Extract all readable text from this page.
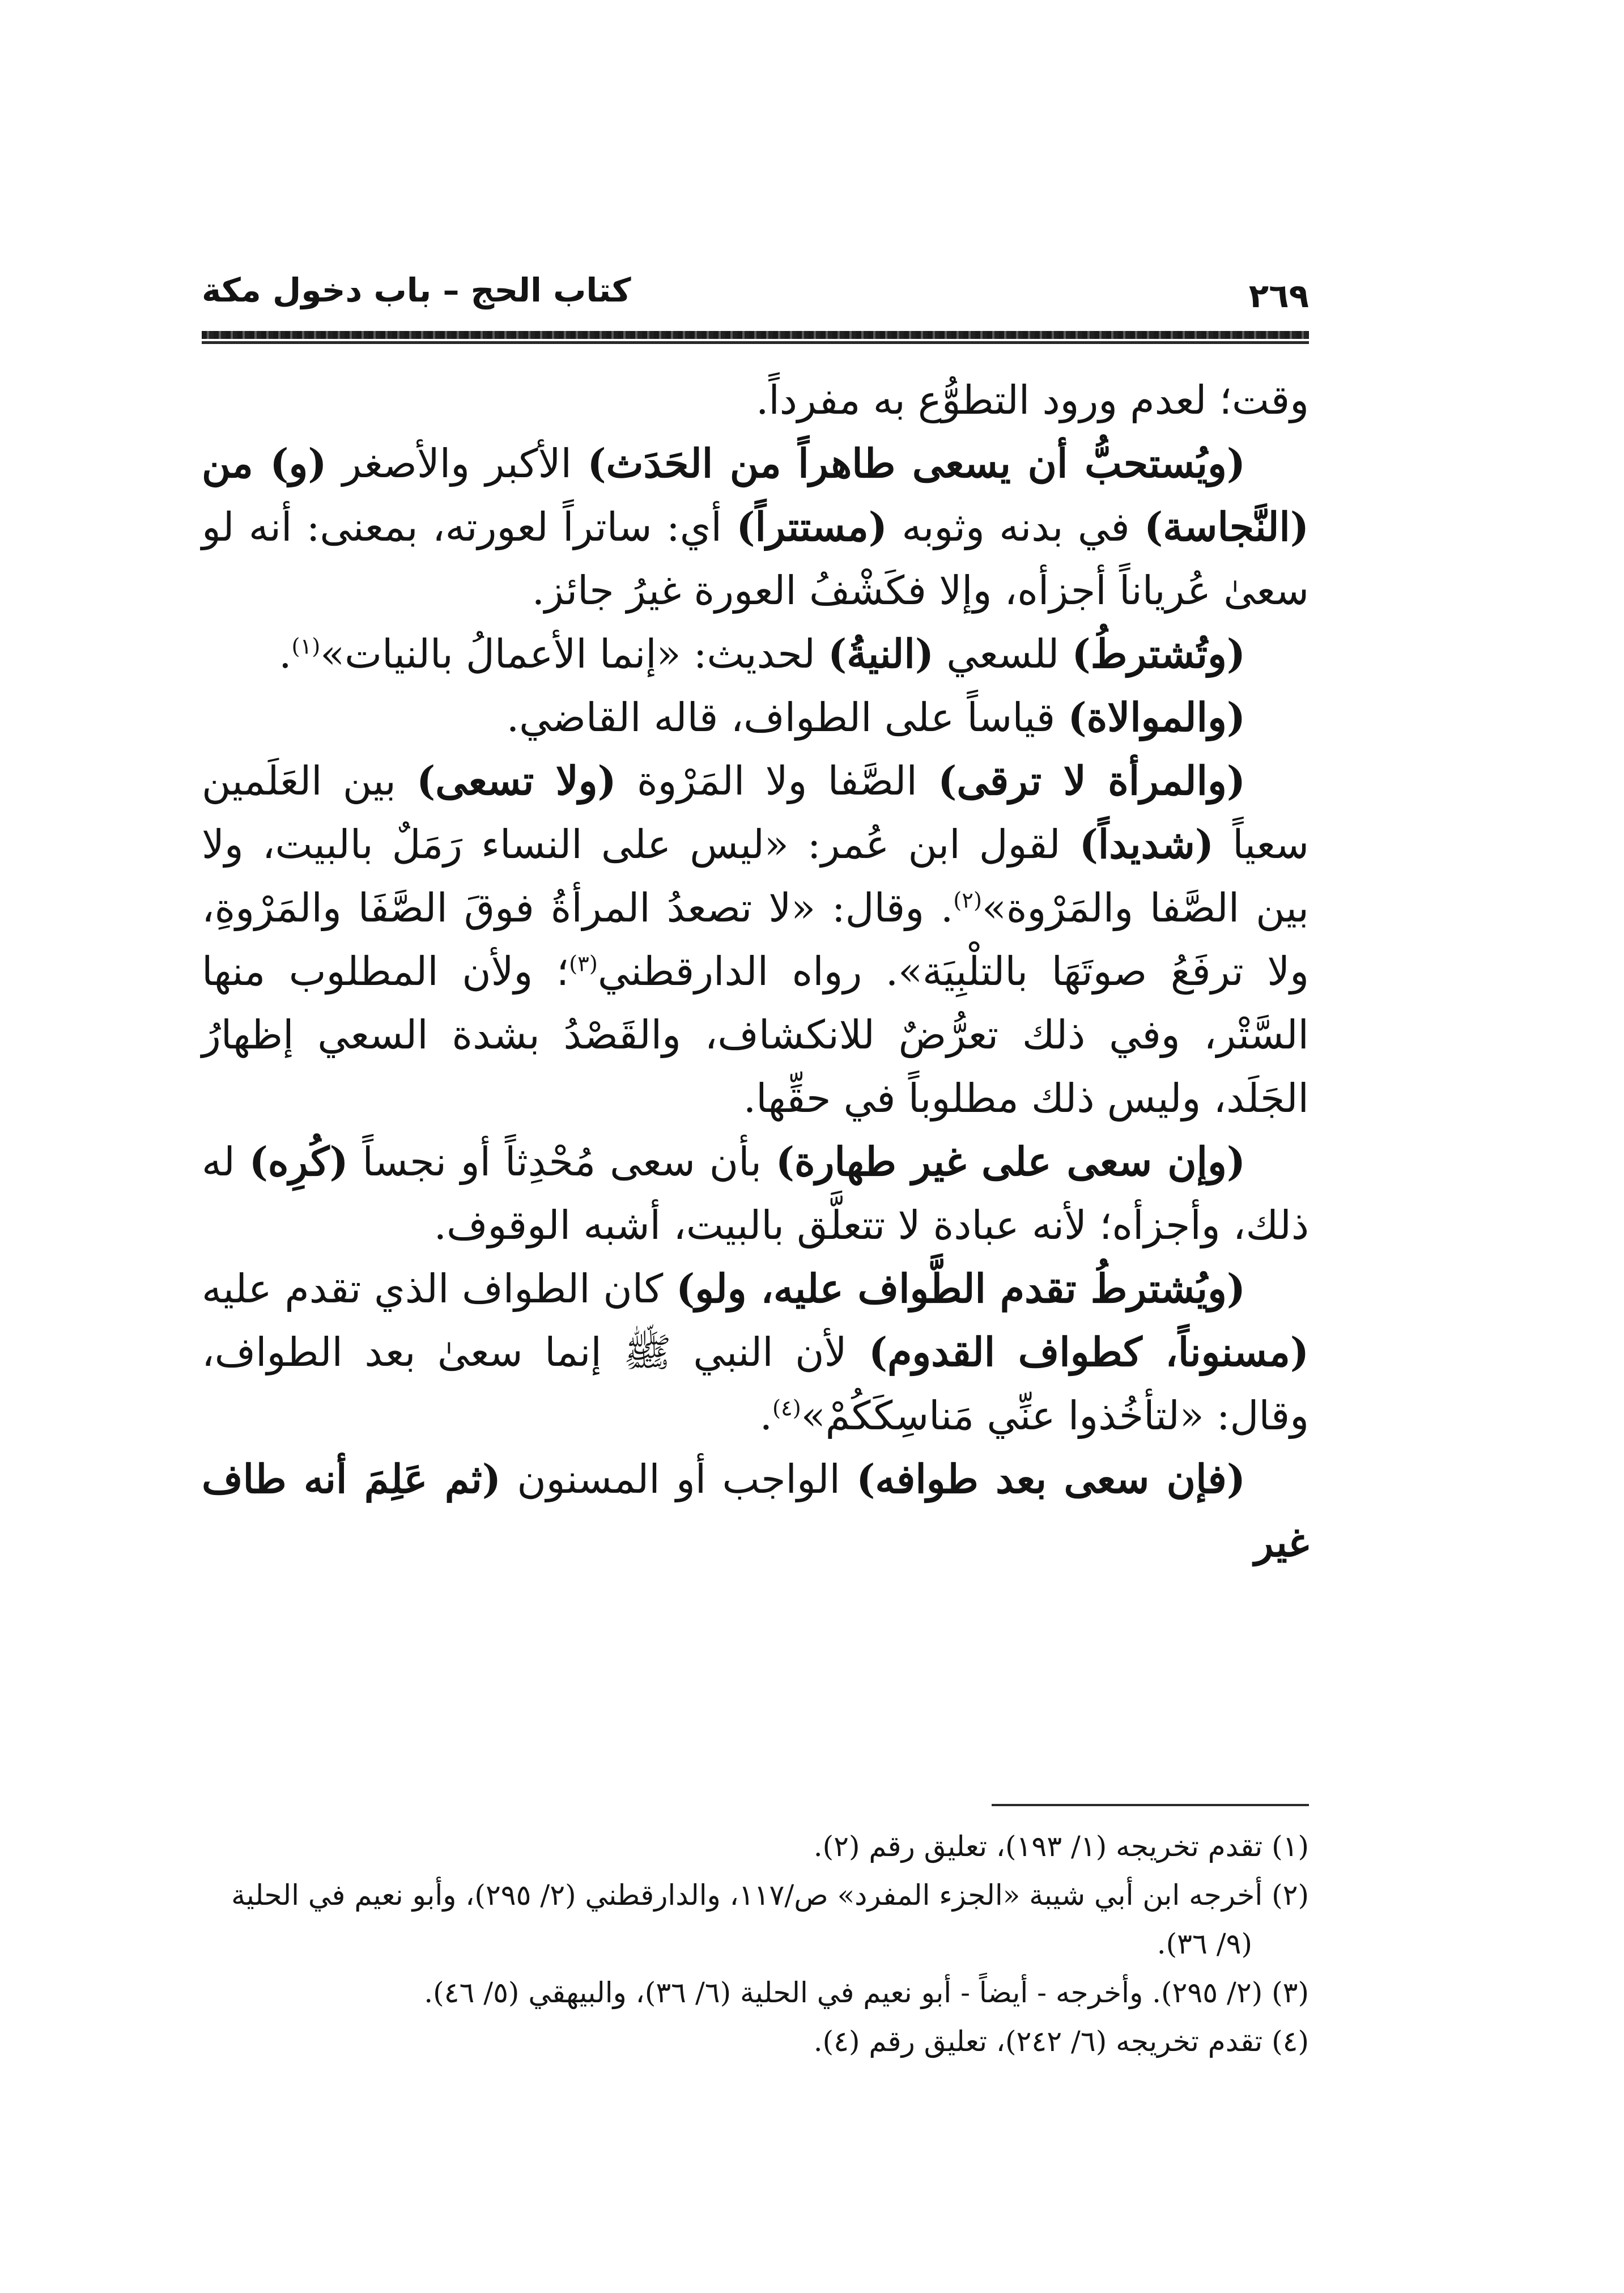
٢٦٩
كتاب الحج – باب دخول مكة

وقت؛ لعدم ورود التطوُّع به مفرداً.

(ويُستحبُّ أن يسعى طاهراً من الحَدَث) الأكبر والأصغر (و) من (النَّجاسة) في بدنه وثوبه (مستتراً) أي: ساتراً لعورته، بمعنى: أنه لو سعىٰ عُرياناً أجزأه، وإلا فكَشْفُ العورة غيرُ جائز.

(وتُشترطُ) للسعي (النيةُ) لحديث: «إنما الأعمالُ بالنيات»$^{(١)}$.

(والموالاة) قياساً على الطواف، قاله القاضي.

(والمرأة لا ترقى) الصَّفا ولا المَرْوة (ولا تسعى) بين العَلَمين سعياً (شديداً) لقول ابن عُمر: «ليس على النساء رَمَلٌ بالبيت، ولا بين الصَّفا والمَرْوة»$^{(٢)}$. وقال: «لا تصعدُ المرأةُ فوقَ الصَّفَا والمَرْوةِ، ولا ترفَعُ صوتَهَا بالتلْبِيَة». رواه الدارقطني$^{(٣)}$؛ ولأن المطلوب منها السَّتْر، وفي ذلك تعرُّضٌ للانكشاف، والقَصْدُ بشدة السعي إظهارُ الجَلَد، وليس ذلك مطلوباً في حقِّها.

(وإن سعى على غير طهارة) بأن سعى مُحْدِثاً أو نجساً (كُرِه) له ذلك، وأجزأه؛ لأنه عبادة لا تتعلَّق بالبيت، أشبه الوقوف.

(ويُشترطُ تقدم الطَّواف عليه، ولو) كان الطواف الذي تقدم عليه (مسنوناً، كطواف القدوم) لأن النبي ﷺ إنما سعىٰ بعد الطواف، وقال: «لتأخُذوا عنِّي مَناسِكَكُمْ»$^{(٤)}$.

(فإن سعى بعد طوافه) الواجب أو المسنون (ثم عَلِمَ أنه طاف غير

(١) تقدم تخريجه (١/ ١٩٣)، تعليق رقم (٢).

(٢) أخرجه ابن أبي شيبة «الجزء المفرد» ص/١١٧، والدارقطني (٢/ ٢٩٥)، وأبو نعيم في الحلية (٩/ ٣٦).

(٣) (٢/ ٢٩٥). وأخرجه - أيضاً - أبو نعيم في الحلية (٦/ ٣٦)، والبيهقي (٥/ ٤٦).

(٤) تقدم تخريجه (٦/ ٢٤٢)، تعليق رقم (٤).
